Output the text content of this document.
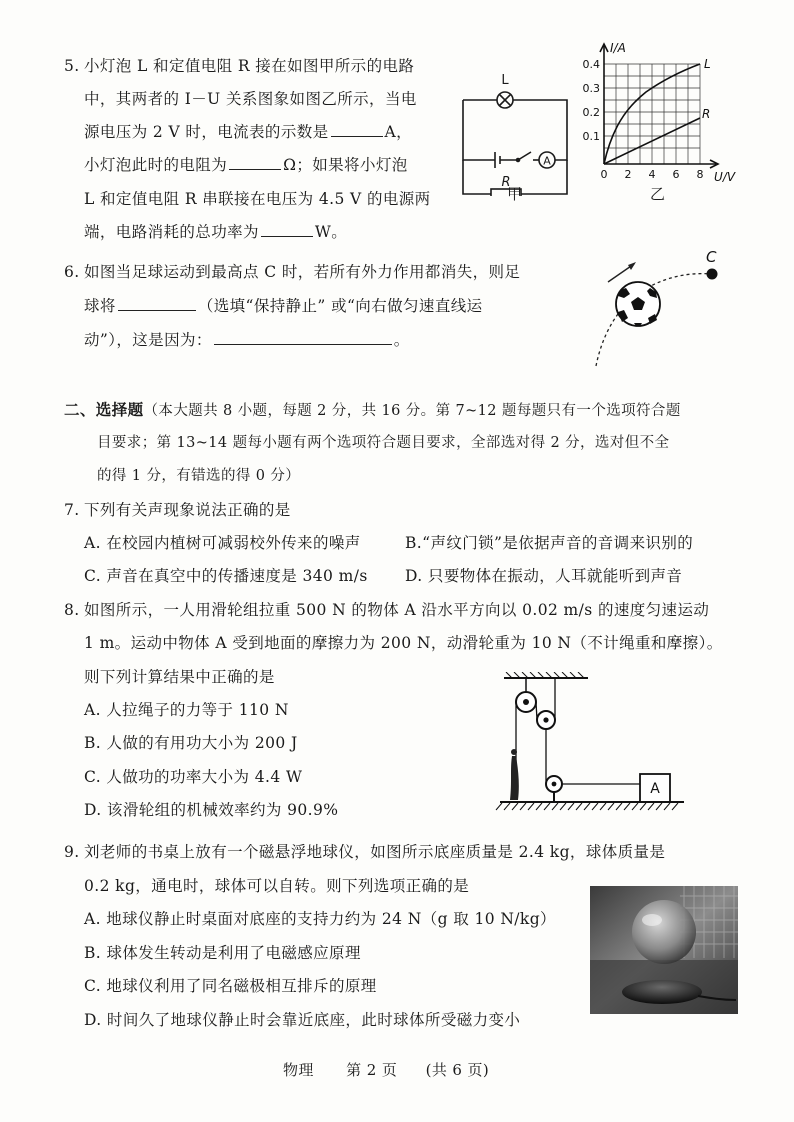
5. 小灯泡 L 和定值电阻 R 接在如图甲所示的电路
中，其两者的 I－U 关系图象如图乙所示，当电
源电压为 2 V 时，电流表的示数是	A，
小灯泡此时的电阻为	Ω；如果将小灯泡
L 和定值电阻 R 串联接在电压为 4.5 V 的电源两
端，电路消耗的总功率为	W。
L
A
R
甲
I/A
U/V
L
R
0.4
0.3
0.2
0.1
0 2 4 6 8
乙
6. 如图当足球运动到最高点 C 时，若所有外力作用都消失，则足
球将	（选填“保持静止” 或“向右做匀速直线运
动”），这是因为：	。
C
二、选择题（本大题共 8 小题，每题 2 分，共 16 分。第 7~12 题每题只有一个选项符合题
目要求；第 13~14 题每小题有两个选项符合题目要求，全部选对得 2 分，选对但不全
的得 1 分，有错选的得 0 分）
7. 下列有关声现象说法正确的是
A. 在校园内植树可减弱校外传来的噪声	B.“声纹门锁”是依据声音的音调来识别的
C. 声音在真空中的传播速度是 340 m/s D. 只要物体在振动，人耳就能听到声音
8. 如图所示，一人用滑轮组拉重 500 N 的物体 A 沿水平方向以 0.02 m/s 的速度匀速运动
1 m。运动中物体 A 受到地面的摩擦力为 200 N，动滑轮重为 10 N（不计绳重和摩擦）。
则下列计算结果中正确的是
A. 人拉绳子的力等于 110 N
B. 人做的有用功大小为 200 J
C. 人做功的功率大小为 4.4 W
D. 该滑轮组的机械效率约为 90.9%
A
9. 刘老师的书桌上放有一个磁悬浮地球仪，如图所示底座质量是 2.4 kg，球体质量是
0.2 kg，通电时，球体可以自转。则下列选项正确的是
A. 地球仪静止时桌面对底座的支持力约为 24 N（g 取 10 N/kg）
B. 球体发生转动是利用了电磁感应原理
C. 地球仪利用了同名磁极相互排斥的原理
D. 时间久了地球仪静止时会靠近底座，此时球体所受磁力变小
物理 第 2 页 (共 6 页)
